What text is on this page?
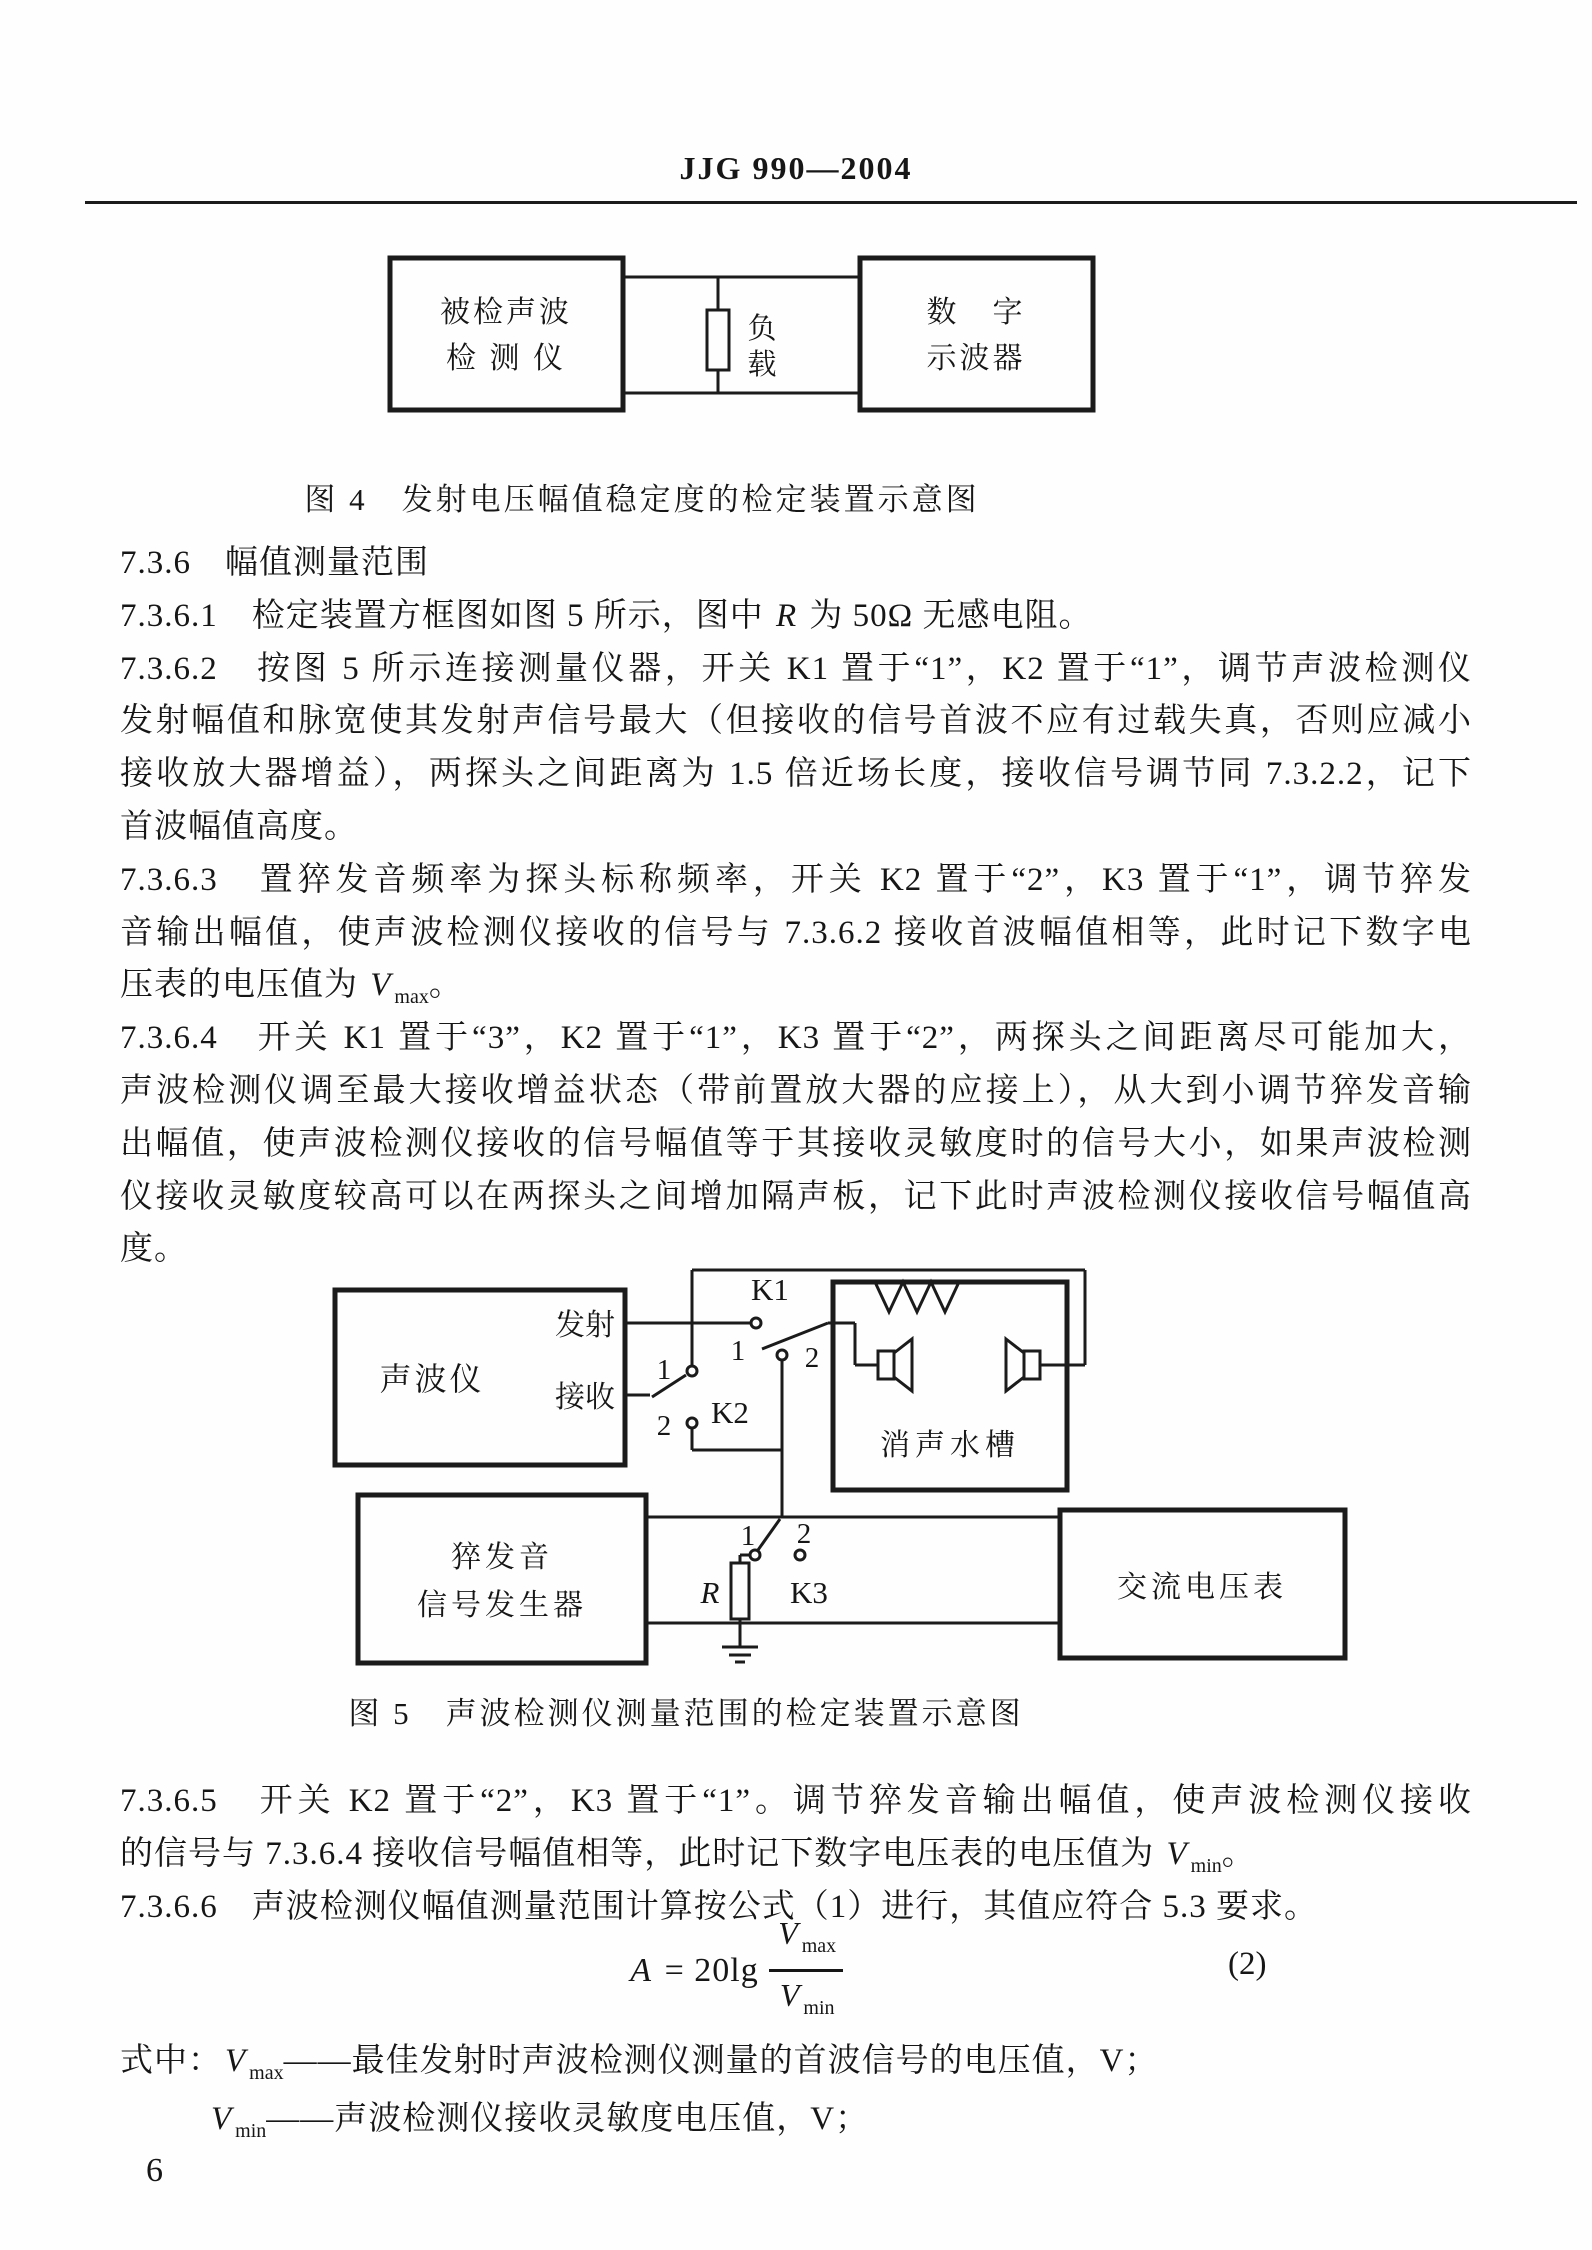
JJG 990—2004
被检声波
检 测 仪
负
载
数　字
示波器
图 4　发射电压幅值稳定度的检定装置示意图
7.3.6　幅值测量范围
7.3.6.1　检定装置方框图如图 5 所示，图中 R 为 50Ω 无感电阻。
7.3.6.2　按图 5 所示连接测量仪器，开关 K1 置于“1”，K2 置于“1”，调节声波检测仪
发射幅值和脉宽使其发射声信号最大（但接收的信号首波不应有过载失真，否则应减小
接收放大器增益），两探头之间距离为 1.5 倍近场长度，接收信号调节同 7.3.2.2，记下
首波幅值高度。
7.3.6.3　置猝发音频率为探头标称频率，开关 K2 置于“2”，K3 置于“1”，调节猝发
音输出幅值，使声波检测仪接收的信号与 7.3.6.2 接收首波幅值相等，此时记下数字电
压表的电压值为 V $_{max}$。
7.3.6.4　开关 K1 置于“3”，K2 置于“1”，K3 置于“2”，两探头之间距离尽可能加大，
声波检测仪调至最大接收增益状态（带前置放大器的应接上），从大到小调节猝发音输
出幅值，使声波检测仪接收的信号幅值等于其接收灵敏度时的信号大小，如果声波检测
仪接收灵敏度较高可以在两探头之间增加隔声板，记下此时声波检测仪接收信号幅值高
度。
声波仪
发射
接收
K1
1 2
1
2 K2
消声水槽
猝发音
信号发生器
1 2
K3
R	交流电压表
图 5　声波检测仪测量范围的检定装置示意图
7.3.6.5　开关 K2 置于“2”，K3 置于“1”。调节猝发音输出幅值，使声波检测仪接收
的信号与 7.3.6.4 接收信号幅值相等，此时记下数字电压表的电压值为 V $_{min}$。
7.3.6.6　声波检测仪幅值测量范围计算按公式（1）进行，其值应符合 5.3 要求。
$A = 20\lg \frac{V _{max}}{V _{min}}$	(2)
式中：V $_{max}$——最佳发射时声波检测仪测量的首波信号的电压值，V；
V $_{min}$——声波检测仪接收灵敏度电压值，V；
6
